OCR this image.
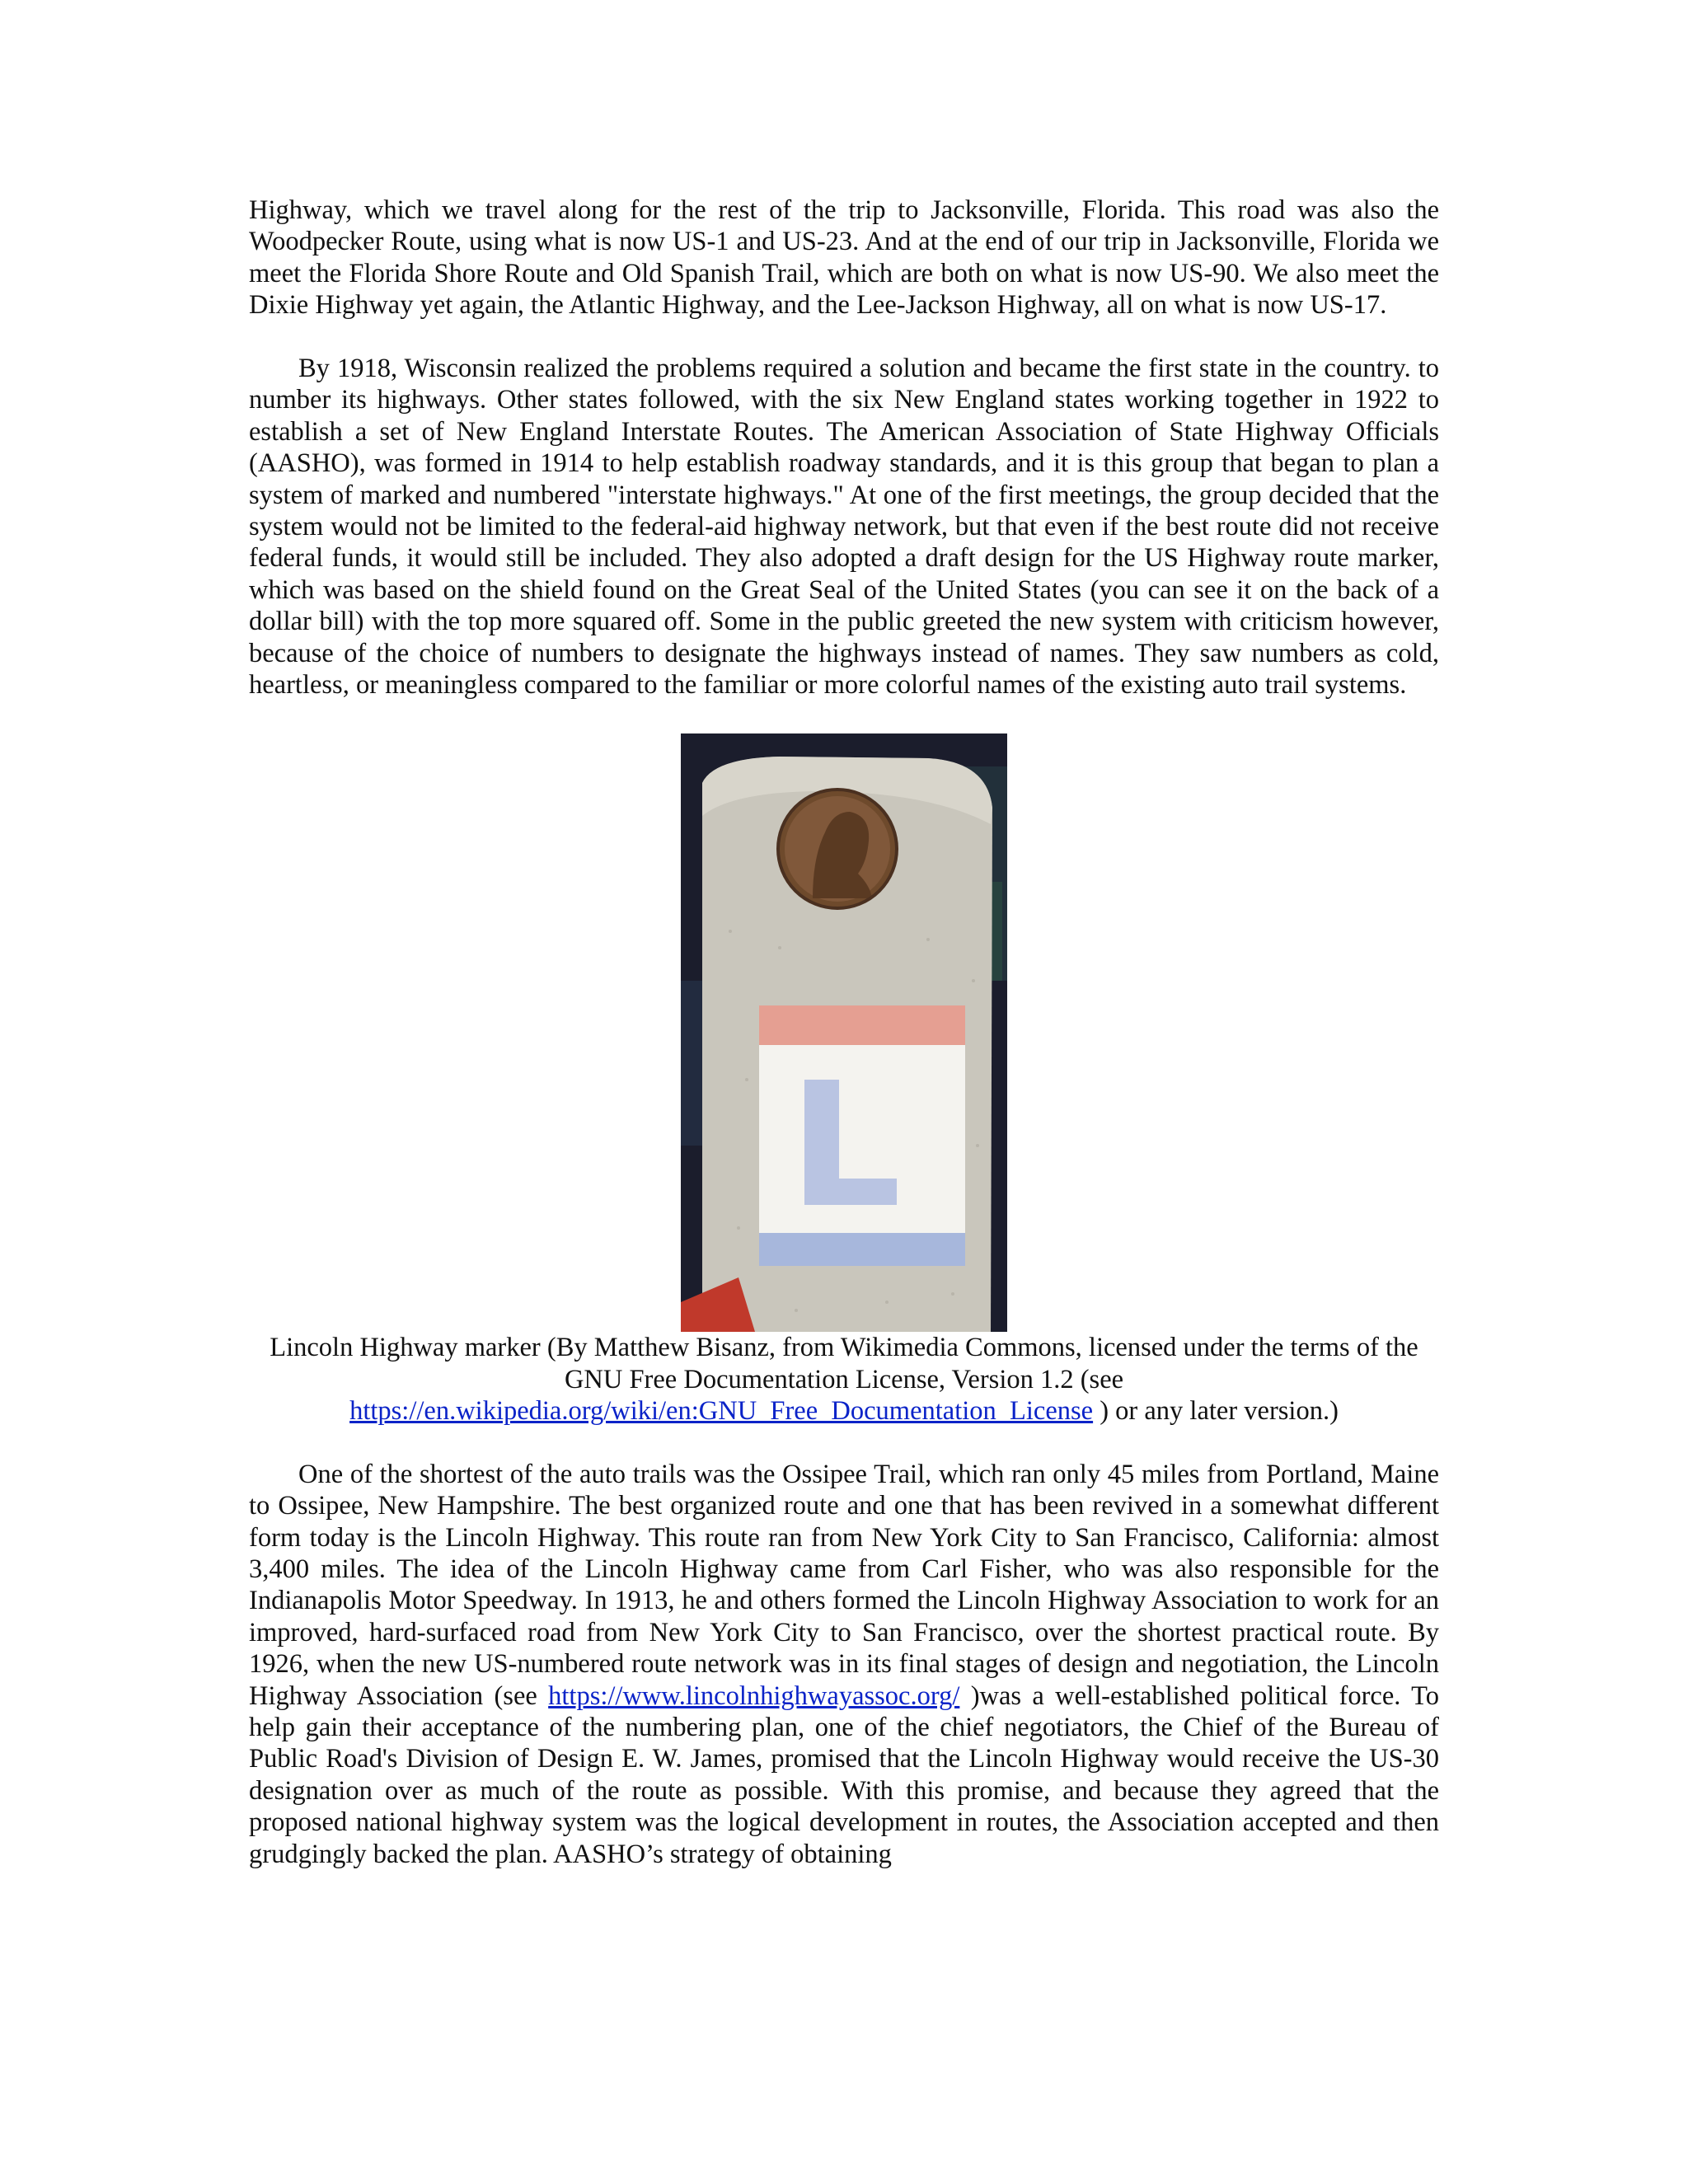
Highway, which we travel along for the rest of the trip to Jacksonville, Florida. This road was also the Woodpecker Route, using what is now US-1 and US-23. And at the end of our trip in Jacksonville, Florida we meet the Florida Shore Route and Old Spanish Trail, which are both on what is now US-90. We also meet the Dixie Highway yet again, the Atlantic Highway, and the Lee-Jackson Highway, all on what is now US-17.

By 1918, Wisconsin realized the problems required a solution and became the first state in the country. to number its highways. Other states followed, with the six New England states working together in 1922 to establish a set of New England Interstate Routes. The American Association of State Highway Officials (AASHO), was formed in 1914 to help establish roadway standards, and it is this group that began to plan a system of marked and numbered "interstate highways." At one of the first meetings, the group decided that the system would not be limited to the federal-aid highway network, but that even if the best route did not receive federal funds, it would still be included. They also adopted a draft design for the US Highway route marker, which was based on the shield found on the Great Seal of the United States (you can see it on the back of a dollar bill) with the top more squared off. Some in the public greeted the new system with criticism however, because of the choice of numbers to designate the highways instead of names. They saw numbers as cold, heartless, or meaningless compared to the familiar or more colorful names of the existing auto trail systems.

Lincoln Highway marker (By Matthew Bisanz, from Wikimedia Commons, licensed under the terms of the
GNU Free Documentation License, Version 1.2 (see
https://en.wikipedia.org/wiki/en:GNU_Free_Documentation_License ) or any later version.)

One of the shortest of the auto trails was the Ossipee Trail, which ran only 45 miles from Portland, Maine to Ossipee, New Hampshire. The best organized route and one that has been revived in a somewhat different form today is the Lincoln Highway. This route ran from New York City to San Francisco, California: almost 3,400 miles. The idea of the Lincoln Highway came from Carl Fisher, who was also responsible for the Indianapolis Motor Speedway. In 1913, he and others formed the Lincoln Highway Association to work for an improved, hard-surfaced road from New York City to San Francisco, over the shortest practical route. By 1926, when the new US-numbered route network was in its final stages of design and negotiation, the Lincoln Highway Association (see https://www.lincolnhighwayassoc.org/ )was a well-established political force. To help gain their acceptance of the numbering plan, one of the chief negotiators, the Chief of the Bureau of Public Road's Division of Design E. W. James, promised that the Lincoln Highway would receive the US-30 designation over as much of the route as possible. With this promise, and because they agreed that the proposed national highway system was the logical development in routes, the Association accepted and then grudgingly backed the plan. AASHO’s strategy of obtaining
